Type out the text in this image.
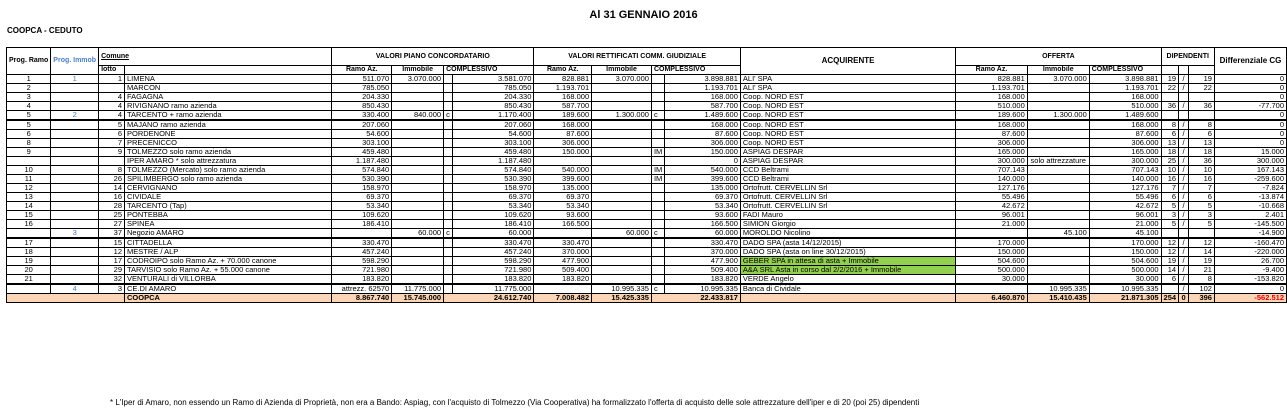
Al 31 GENNAIO 2016
COOPCA - CEDUTO
Prog. Ramo	Prog. Immob	Comune		VALORI PIANO CONCORDATARIO				VALORI RETTIFICATI COMM. GIUDIZIALE				ACQUIRENTE	OFFERTA			DIPENDENTI			Differenziale CG
		lotto		Ramo Az.	Immobile	COMPLESSIVO		Ramo Az.	Immobile	COMPLESSIVO			Ramo Az.	Immobile	COMPLESSIVO				
1	1	1	LIMENA	511.070	3.070.000		3.581.070	828.881	3.070.000		3.898.881	ALI' SPA	828.881	3.070.000	3.898.881	19	/	19	0
2			MARCON	785.050			785.050	1.193.701			1.193.701	ALI' SPA	1.193.701		1.193.701	22	/	22	0
3		4	FAGAGNA	204.330			204.330	168.000			168.000	Coop. NORD EST	168.000		168.000				0
4		4	RIVIGNANO ramo azienda	850.430			850.430	587.700			587.700	Coop. NORD EST	510.000		510.000	36	/	36	-77.700
5	2	4	TARCENTO + ramo azienda	330.400	840.000	c	1.170.400	189.600	1.300.000	c	1.489.600	Coop. NORD EST	189.600	1.300.000	1.489.600				0
5		5	MAJANO ramo azienda	207.060			207.060	168.000			168.000	Coop. NORD EST	168.000		168.000	8	/	8	0
6		6	PORDENONE	54.600			54.600	87.600			87.600	Coop. NORD EST	87.600		87.600	6	/	6	0
8		7	PRECENICCO	303.100			303.100	306.000			306.000	Coop. NORD EST	306.000		306.000	13	/	13	0
9		9	TOLMEZZO solo ramo azienda	459.480			459.480	150.000		IM	150.000	ASPIAG DESPAR	165.000		165.000	18	/	18	15.000
			IPER AMARO * solo attrezzatura	1.187.480			1.187.480				0	ASPIAG DESPAR	300.000	solo attrezzature	300.000	25	/	36	300.000
10		8	TOLMEZZO (Mercato) solo ramo azienda	574.840			574.840	540.000		IM	540.000	CCD Beltrami	707.143		707.143	10	/	10	167.143
11		26	SPILIMBERGO solo ramo azienda	530.390			530.390	399.600		IM	399.600	CCD Beltrami	140.000		140.000	16	/	16	-259.600
12		14	CERVIGNANO	158.970			158.970	135.000			135.000	Ortofrutt. CERVELLIN Srl	127.176		127.176	7	/	7	-7.824
13		16	CIVIDALE	69.370			69.370	69.370			69.370	Ortofrutt. CERVELLIN Srl	55.496		55.496	6	/	6	-13.874
14		28	TARCENTO (Tap)	53.340			53.340	53.340			53.340	Ortofrutt. CERVELLIN Srl	42.672		42.672	5	/	5	-10.668
15		25	PONTEBBA	109.620			109.620	93.600			93.600	FADI Mauro	96.001		96.001	3	/	3	2.401
16		27	SPINEA	186.410			186.410	166.500			166.500	SIMION Giorgio	21.000		21.000	5	/	5	-145.500
	3	37	Negozio AMARO		60.000	c	60.000		60.000	c	60.000	MOROLDO Nicolino		45.100	45.100				-14.900
17		15	CITTADELLA	330.470			330.470	330.470			330.470	DADO SPA (asta 14/12/2015)	170.000		170.000	12	/	12	-160.470
18		12	MESTRE / ALP	457.240			457.240	370.000			370.000	DADO SPA (asta on line 30/12/2015)	150.000		150.000	12	/	14	-220.000
19		17	CODROIPO solo Ramo Az. + 70.000 canone	598.290			598.290	477.900			477.900	GEBER SPA in attesa di asta + Immobile	504.600		504.600	19	/	19	26.700
20		29	TARVISIO solo Ramo Az. + 55.000 canone	721.980			721.980	509.400			509.400	A&A SRL Asta in corso dal 2/2/2016 + Immobile	500.000		500.000	14	/	21	-9.400
21		32	VENTURALI di VILLORBA	183.820			183.820	183.820			183.820	VERDE Angelo	30.000		30.000	6	/	8	-153.820
	4	3	CE.DI AMARO	attrezz. 62570	11.775.000		11.775.000		10.995.335	c	10.995.335	Banca di Cividale		10.995.335	10.995.335		/	102	0
			COOPCA	8.867.740	15.745.000	24.612.740		7.008.482	15.425.335	22.433.817			6.460.870	15.410.435	21.871.305	254	0	396	-562.512
* L'Iper di Amaro, non essendo un Ramo di Azienda di Proprietà, non era a Bando: Aspiag, con l'acquisto di Tolmezzo (Via Cooperativa) ha formalizzato l'offerta di acquisto delle sole attrezzature dell'iper e di 20 (poi 25) dipendenti
